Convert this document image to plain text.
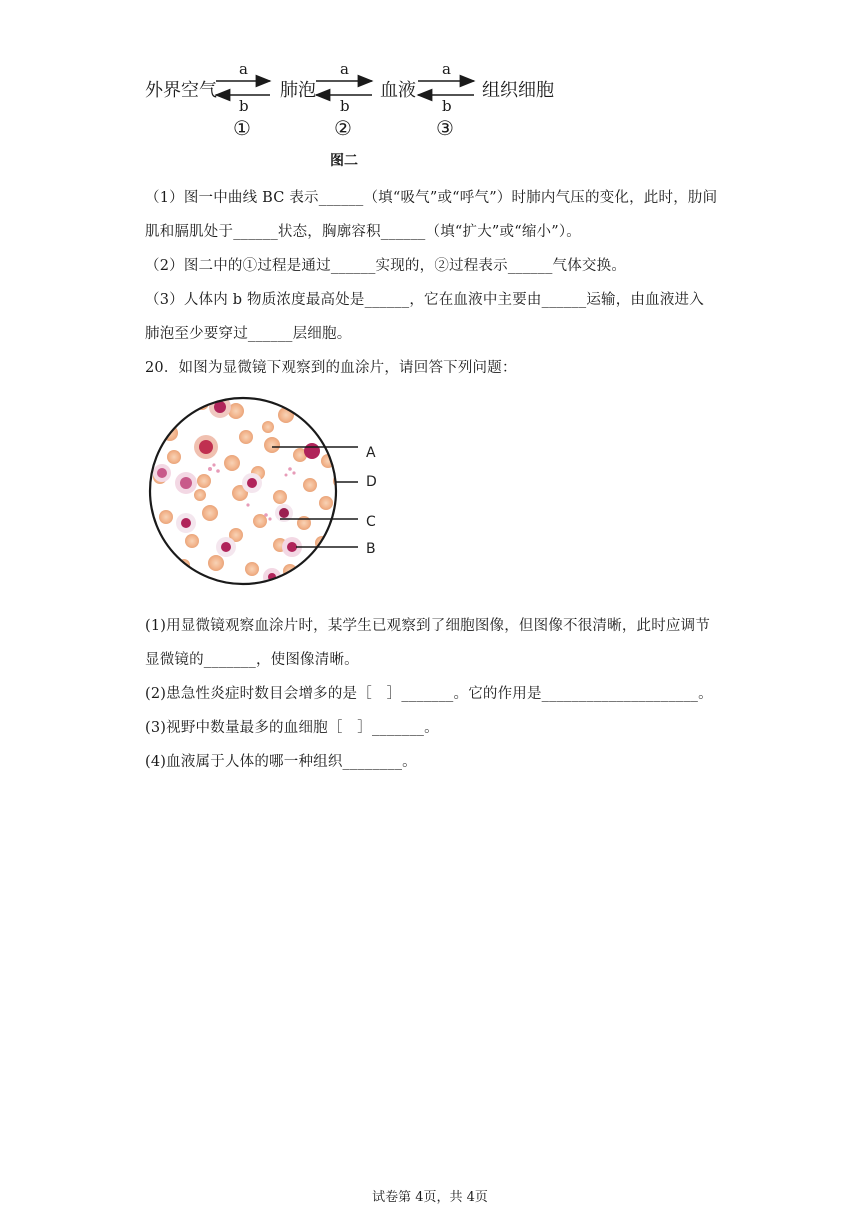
外界空气	肺泡	血液	组织细胞
a	a	a
b	b	b
①	②	③
图二
（1）图一中曲线 BC 表示______（填“吸气”或“呼气”）时肺内气压的变化，此时，肋间
肌和膈肌处于______状态，胸廓容积______（填“扩大”或“缩小”）。
（2）图二中的①过程是通过______实现的，②过程表示______气体交换。
（3）人体内 b 物质浓度最高处是______，它在血液中主要由______运输，由血液进入
肺泡至少要穿过______层细胞。
20．如图为显微镜下观察到的血涂片，请回答下列问题：
A
D
C
B
(1)用显微镜观察血涂片时，某学生已观察到了细胞图像，但图像不很清晰，此时应调节
显微镜的_______，使图像清晰。
(2)患急性炎症时数目会增多的是［　］_______。它的作用是_____________________。
(3)视野中数量最多的血细胞［　］_______。
(4)血液属于人体的哪一种组织________。
试卷第 4页，共 4页
